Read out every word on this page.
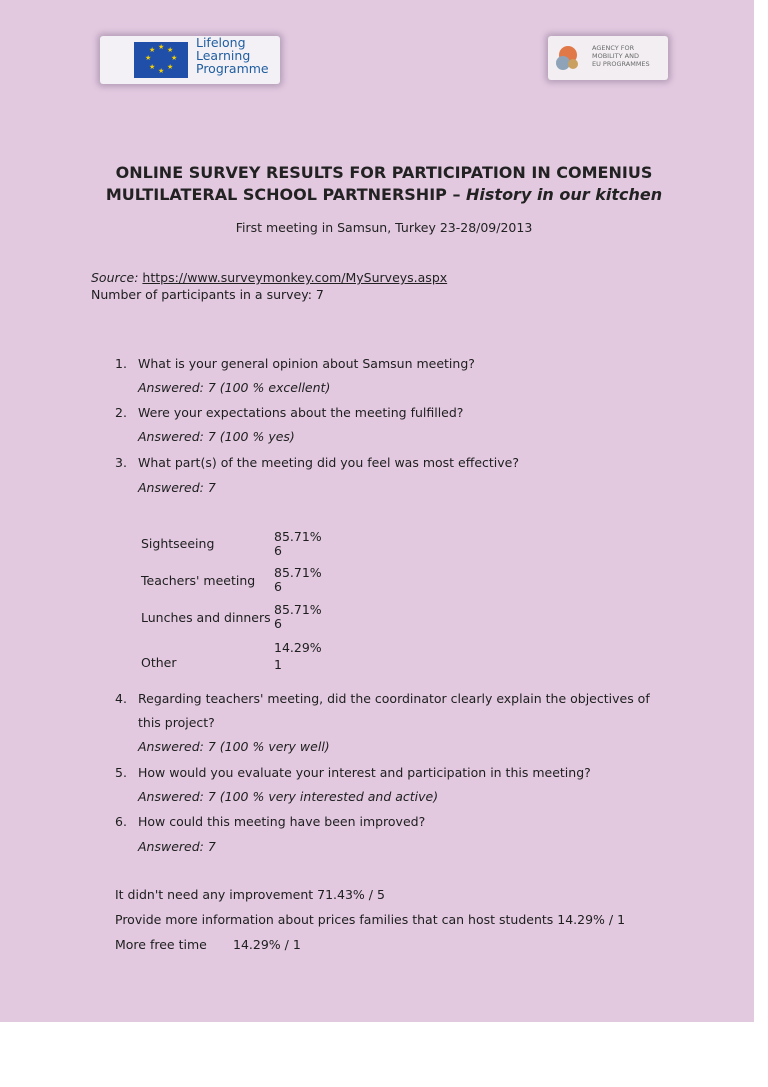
★ ★
★
★
★
★
★
★	Lifelong
Learning
Programme
AGENCY FOR
MOBILITY AND
EU PROGRAMMES
ONLINE SURVEY RESULTS FOR PARTICIPATION IN COMENIUS
MULTILATERAL SCHOOL PARTNERSHIP – History in our kitchen
First meeting in Samsun, Turkey 23-28/09/2013
Source: https://www.surveymonkey.com/MySurveys.aspx
Number of participants in a survey: 7
1. What is your general opinion about Samsun meeting?
Answered: 7 (100 % excellent)
2. Were your expectations about the meeting fulfilled?
Answered: 7 (100 % yes)
3. What part(s) of the meeting did you feel was most effective?
Answered: 7
Sightseeing	85.71%
6
Teachers' meeting
85.71%
6
Lunches and dinners
85.71%
6
Other
14.29%
1
4. Regarding teachers' meeting, did the coordinator clearly explain the objectives of
this project?
Answered: 7 (100 % very well)
5. How would you evaluate your interest and participation in this meeting?
Answered: 7 (100 % very interested and active)
6. How could this meeting have been improved?
Answered: 7
It didn't need any improvement 71.43% / 5
Provide more information about prices families that can host students 14.29% / 1
More free time 14.29% / 1
